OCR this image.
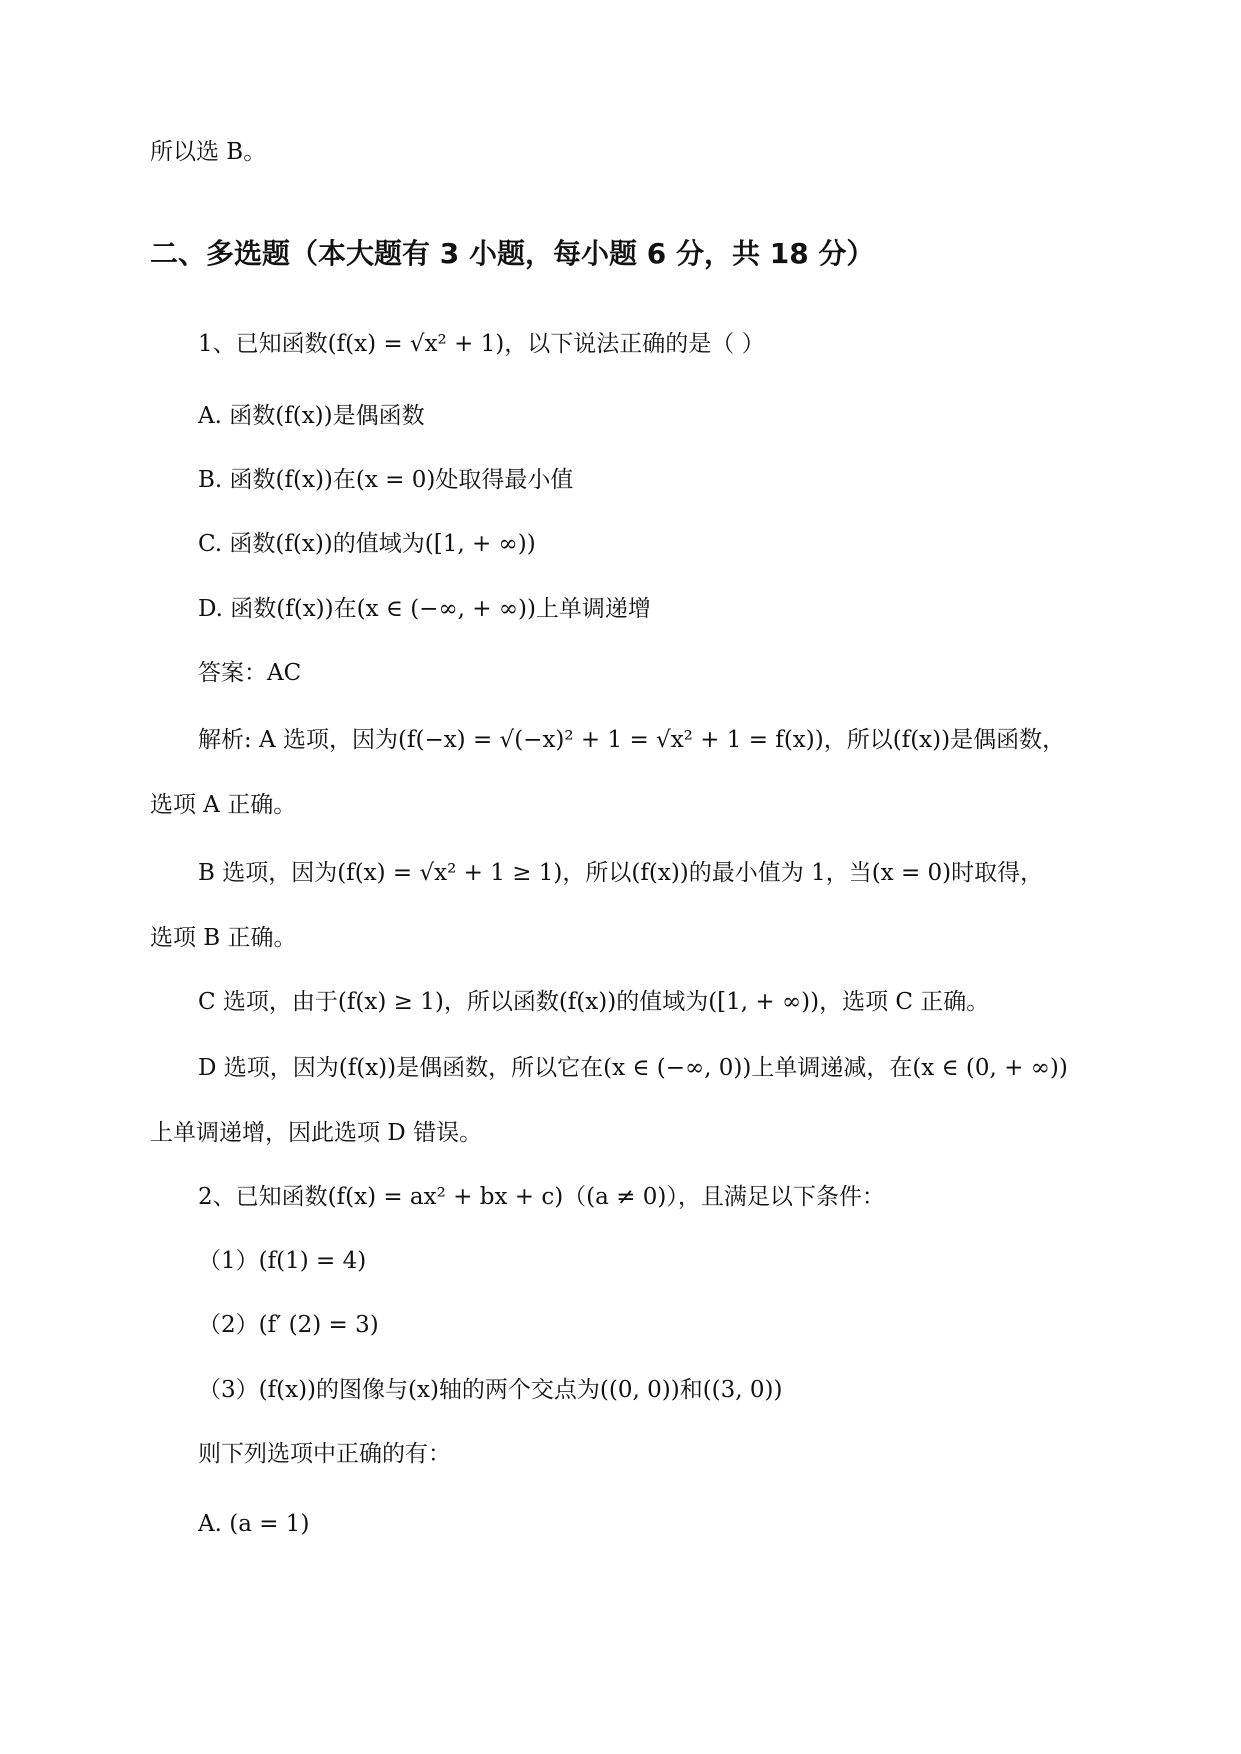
所以选 B。
二、多选题（本大题有 3 小题，每小题 6 分，共 18 分）
1、已知函数(f(x) = √x² + 1)，以下说法正确的是（ ）
A. 函数(f(x))是偶函数
B. 函数(f(x))在(x = 0)处取得最小值
C. 函数(f(x))的值域为([1, + ∞))
D. 函数(f(x))在(x ∈ (−∞, + ∞))上单调递增
答案：AC
解析: A 选项，因为(f(−x) = √(−x)² + 1 = √x² + 1 = f(x))，所以(f(x))是偶函数，
选项 A 正确。
B 选项，因为(f(x) = √x² + 1 ≥ 1)，所以(f(x))的最小值为 1，当(x = 0)时取得，
选项 B 正确。
C 选项，由于(f(x) ≥ 1)，所以函数(f(x))的值域为([1, + ∞))，选项 C 正确。
D 选项，因为(f(x))是偶函数，所以它在(x ∈ (−∞, 0))上单调递减，在(x ∈ (0, + ∞))
上单调递增，因此选项 D 错误。
2、已知函数(f(x) = ax² + bx + c)（(a ≠ 0)），且满足以下条件：
（1）(f(1) = 4)
（2）(f′ (2) = 3)
（3）(f(x))的图像与(x)轴的两个交点为((0, 0))和((3, 0))
则下列选项中正确的有：
A. (a = 1)
